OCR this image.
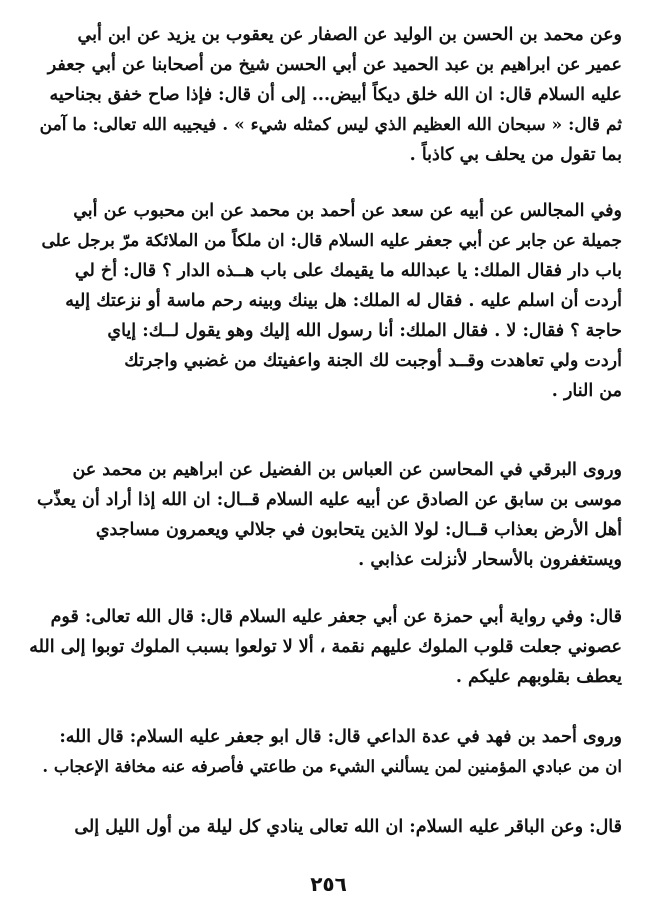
وعن محمد بن الحسن بن الوليد عن الصفار عن يعقوب بن يزيد عن ابن أبي
عمير عن ابراهيم بن عبد الحميد عن أبي الحسن شيخ من أصحابنا عن أبي جعفر
عليه السلام قال: ان الله خلق ديكاً أبيض... إلى أن قال: فإذا صاح خفق بجناحيه
ثم قال: « سبحان الله العظيم الذي ليس كمثله شيء » . فيجيبه الله تعالى: ما آمن
بما تقول من يحلف بي كاذباً .
وفي المجالس عن أبيه عن سعد عن أحمد بن محمد عن ابن محبوب عن أبي
جميلة عن جابر عن أبي جعفر عليه السلام قال: ان ملكاً من الملائكة مرّ برجل على
باب دار فقال الملك: يا عبدالله ما يقيمك على باب هــذه الدار ؟ قال: أخ لي
أردت أن اسلم عليه . فقال له الملك: هل بينك وبينه رحم ماسة أو نزعتك إليه
حاجة ؟ فقال: لا . فقال الملك: أنا رسول الله إليك وهو يقول لــك: إياي
أردت ولي تعاهدت وقــد أوجبت لك الجنة واعفيتك من غضبي واجرتك
من النار .
وروى البرقي في المحاسن عن العباس بن الفضيل عن ابراهيم بن محمد عن
موسى بن سابق عن الصادق عن أبيه عليه السلام قــال: ان الله إذا أراد أن يعذّب
أهل الأرض بعذاب قــال: لولا الذين يتحابون في جلالي ويعمرون مساجدي
ويستغفرون بالأسحار لأنزلت عذابي .
قال: وفي رواية أبي حمزة عن أبي جعفر عليه السلام قال: قال الله تعالى: قوم
عصوني جعلت قلوب الملوك عليهم نقمة ، ألا لا تولعوا بسبب الملوك توبوا إلى الله
يعطف بقلوبهم عليكم .
وروى أحمد بن فهد في عدة الداعي قال: قال ابو جعفر عليه السلام: قال الله:
ان من عبادي المؤمنين لمن يسألني الشيء من طاعتي فأصرفه عنه مخافة الإعجاب .
قال: وعن الباقر عليه السلام: ان الله تعالى ينادي كل ليلة من أول الليل إلى
٢٥٦
